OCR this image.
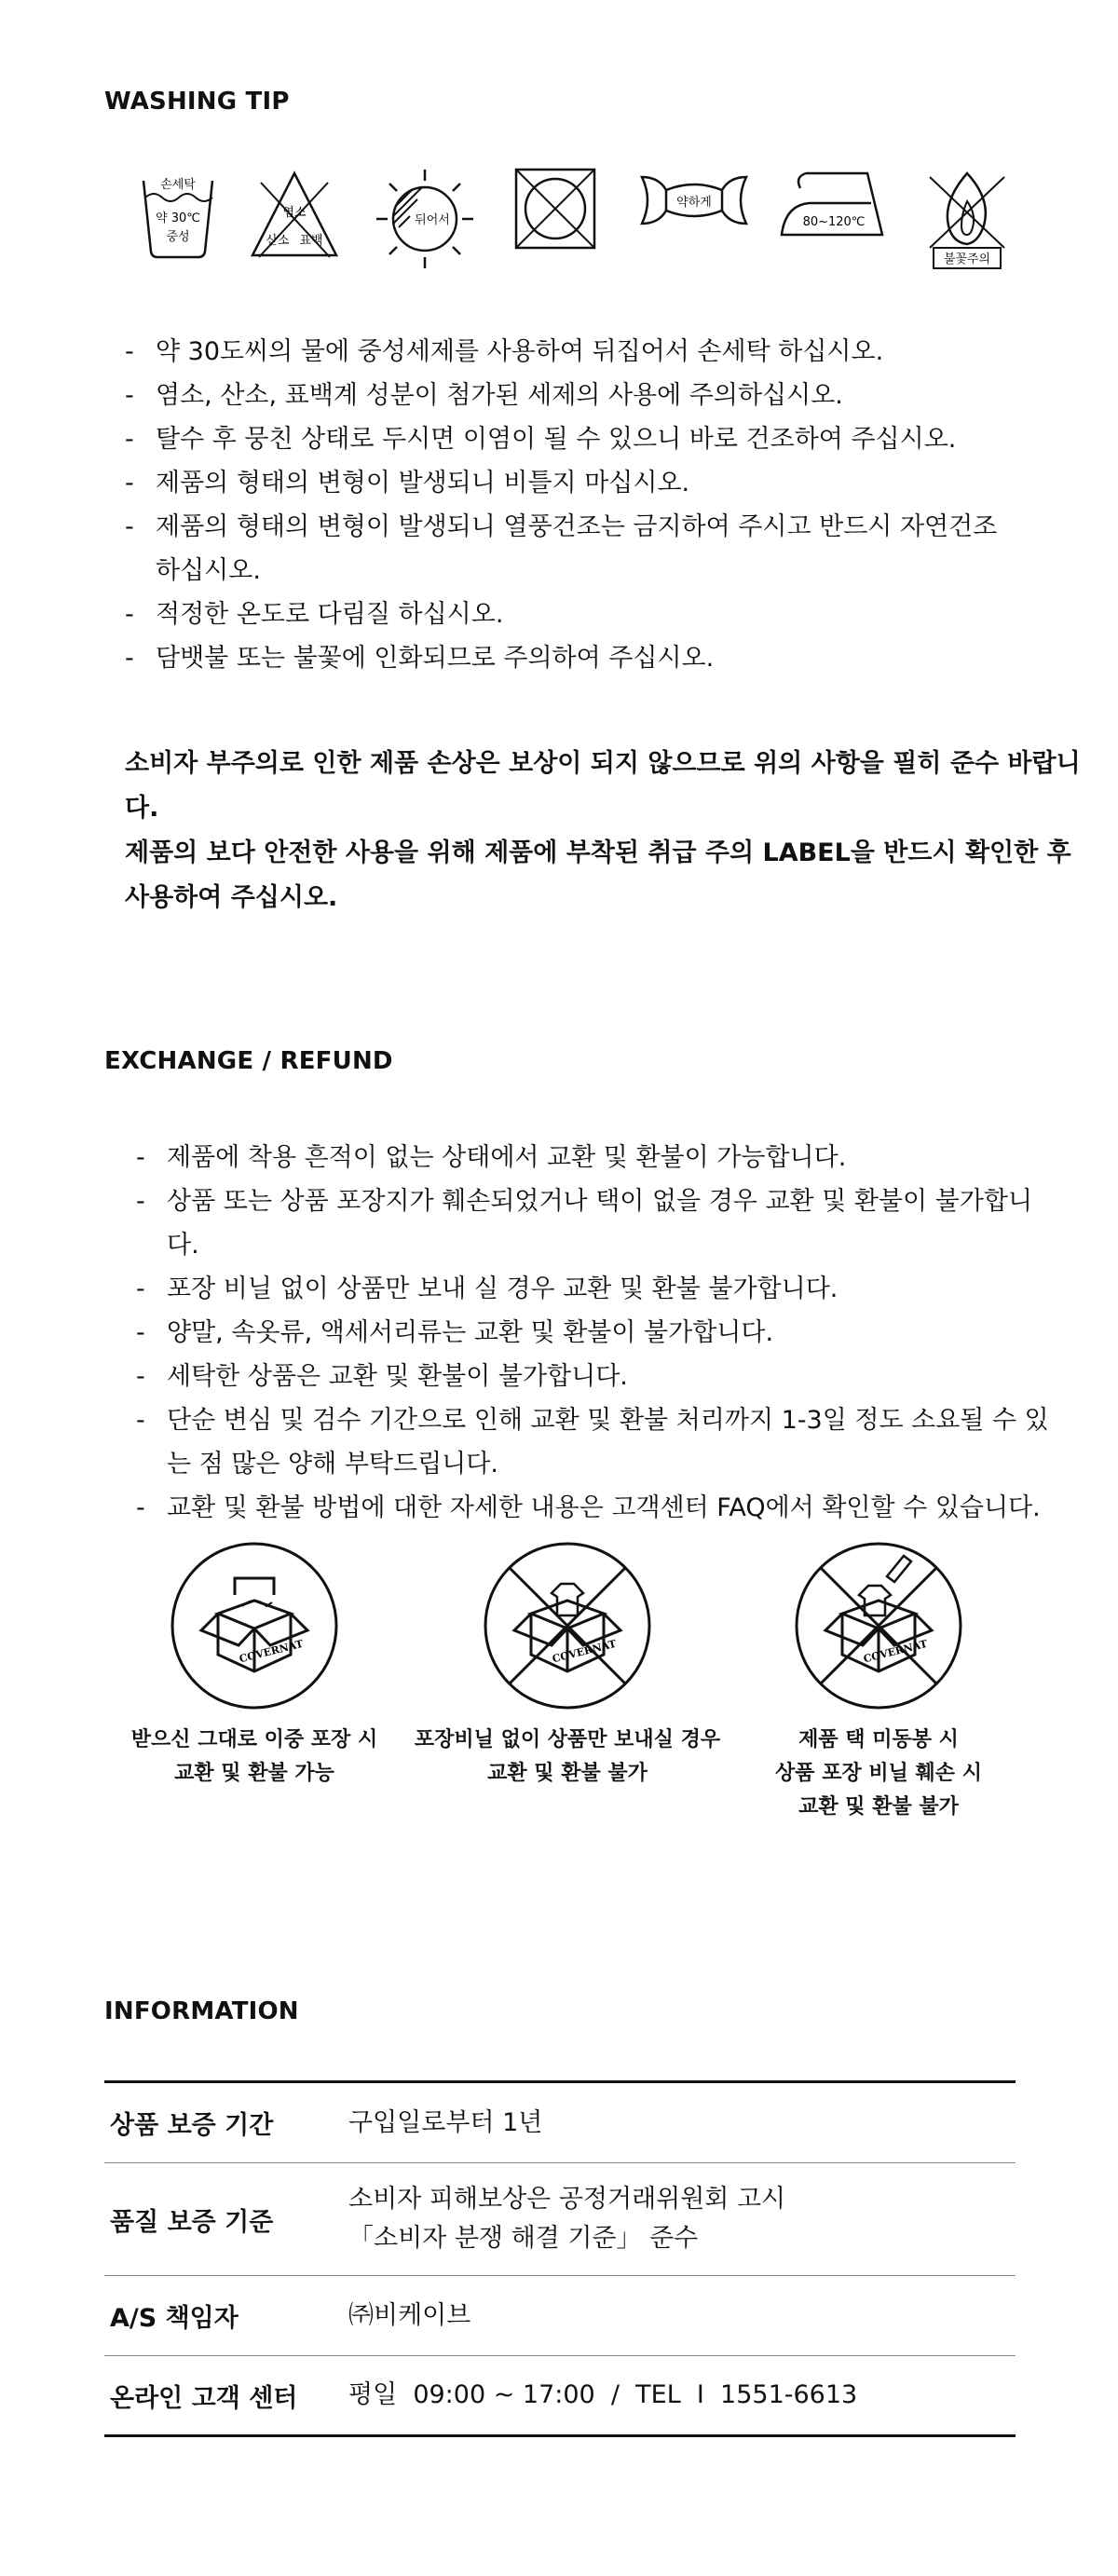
WASHING TIP
손세탁
약 30℃
중성
염소
산소 표백
뒤어서
약하게
80~120℃
불꽃주의
- 약 30도씨의 물에 중성세제를 사용하여 뒤집어서 손세탁 하십시오.
- 염소, 산소, 표백계 성분이 첨가된 세제의 사용에 주의하십시오.
- 탈수 후 뭉친 상태로 두시면 이염이 될 수 있으니 바로 건조하여 주십시오.
- 제품의 형태의 변형이 발생되니 비틀지 마십시오.
- 제품의 형태의 변형이 발생되니 열풍건조는 금지하여 주시고 반드시 자연건조 하십시오.
- 적정한 온도로 다림질 하십시오.
- 담뱃불 또는 불꽃에 인화되므로 주의하여 주십시오.

소비자 부주의로 인한 제품 손상은 보상이 되지 않으므로 위의 사항을 필히 준수 바랍니다.

제품의 보다 안전한 사용을 위해 제품에 부착된 취급 주의 LABEL을 반드시 확인한 후

사용하여 주십시오.

EXCHANGE / REFUND
- 제품에 착용 흔적이 없는 상태에서 교환 및 환불이 가능합니다.
- 상품 또는 상품 포장지가 훼손되었거나 택이 없을 경우 교환 및 환불이 불가합니다.
- 포장 비닐 없이 상품만 보내 실 경우 교환 및 환불 불가합니다.
- 양말, 속옷류, 액세서리류는 교환 및 환불이 불가합니다.
- 세탁한 상품은 교환 및 환불이 불가합니다.
- 단순 변심 및 검수 기간으로 인해 교환 및 환불 처리까지 1-3일 정도 소요될 수 있는 점 많은 양해 부탁드립니다.
- 교환 및 환불 방법에 대한 자세한 내용은 고객센터 FAQ에서 확인할 수 있습니다.
COVERNAT
받으신 그대로 이중 포장 시
교환 및 환불 가능
COVERNAT
포장비닐 없이 상품만 보내실 경우
교환 및 환불 불가
COVERNAT
제품 택 미동봉 시
상품 포장 비닐 훼손 시
교환 및 환불 불가
INFORMATION
상품 보증 기간	구입일로부터 1년

품질 보증 기준	소비자 피해보상은 공정거래위원회 고시
「소비자 분쟁 해결 기준」 준수

A/S 책임자	㈜비케이브

온라인 고객 센터	평일  09:00 ~ 17:00  /  TEL  I  1551-6613
